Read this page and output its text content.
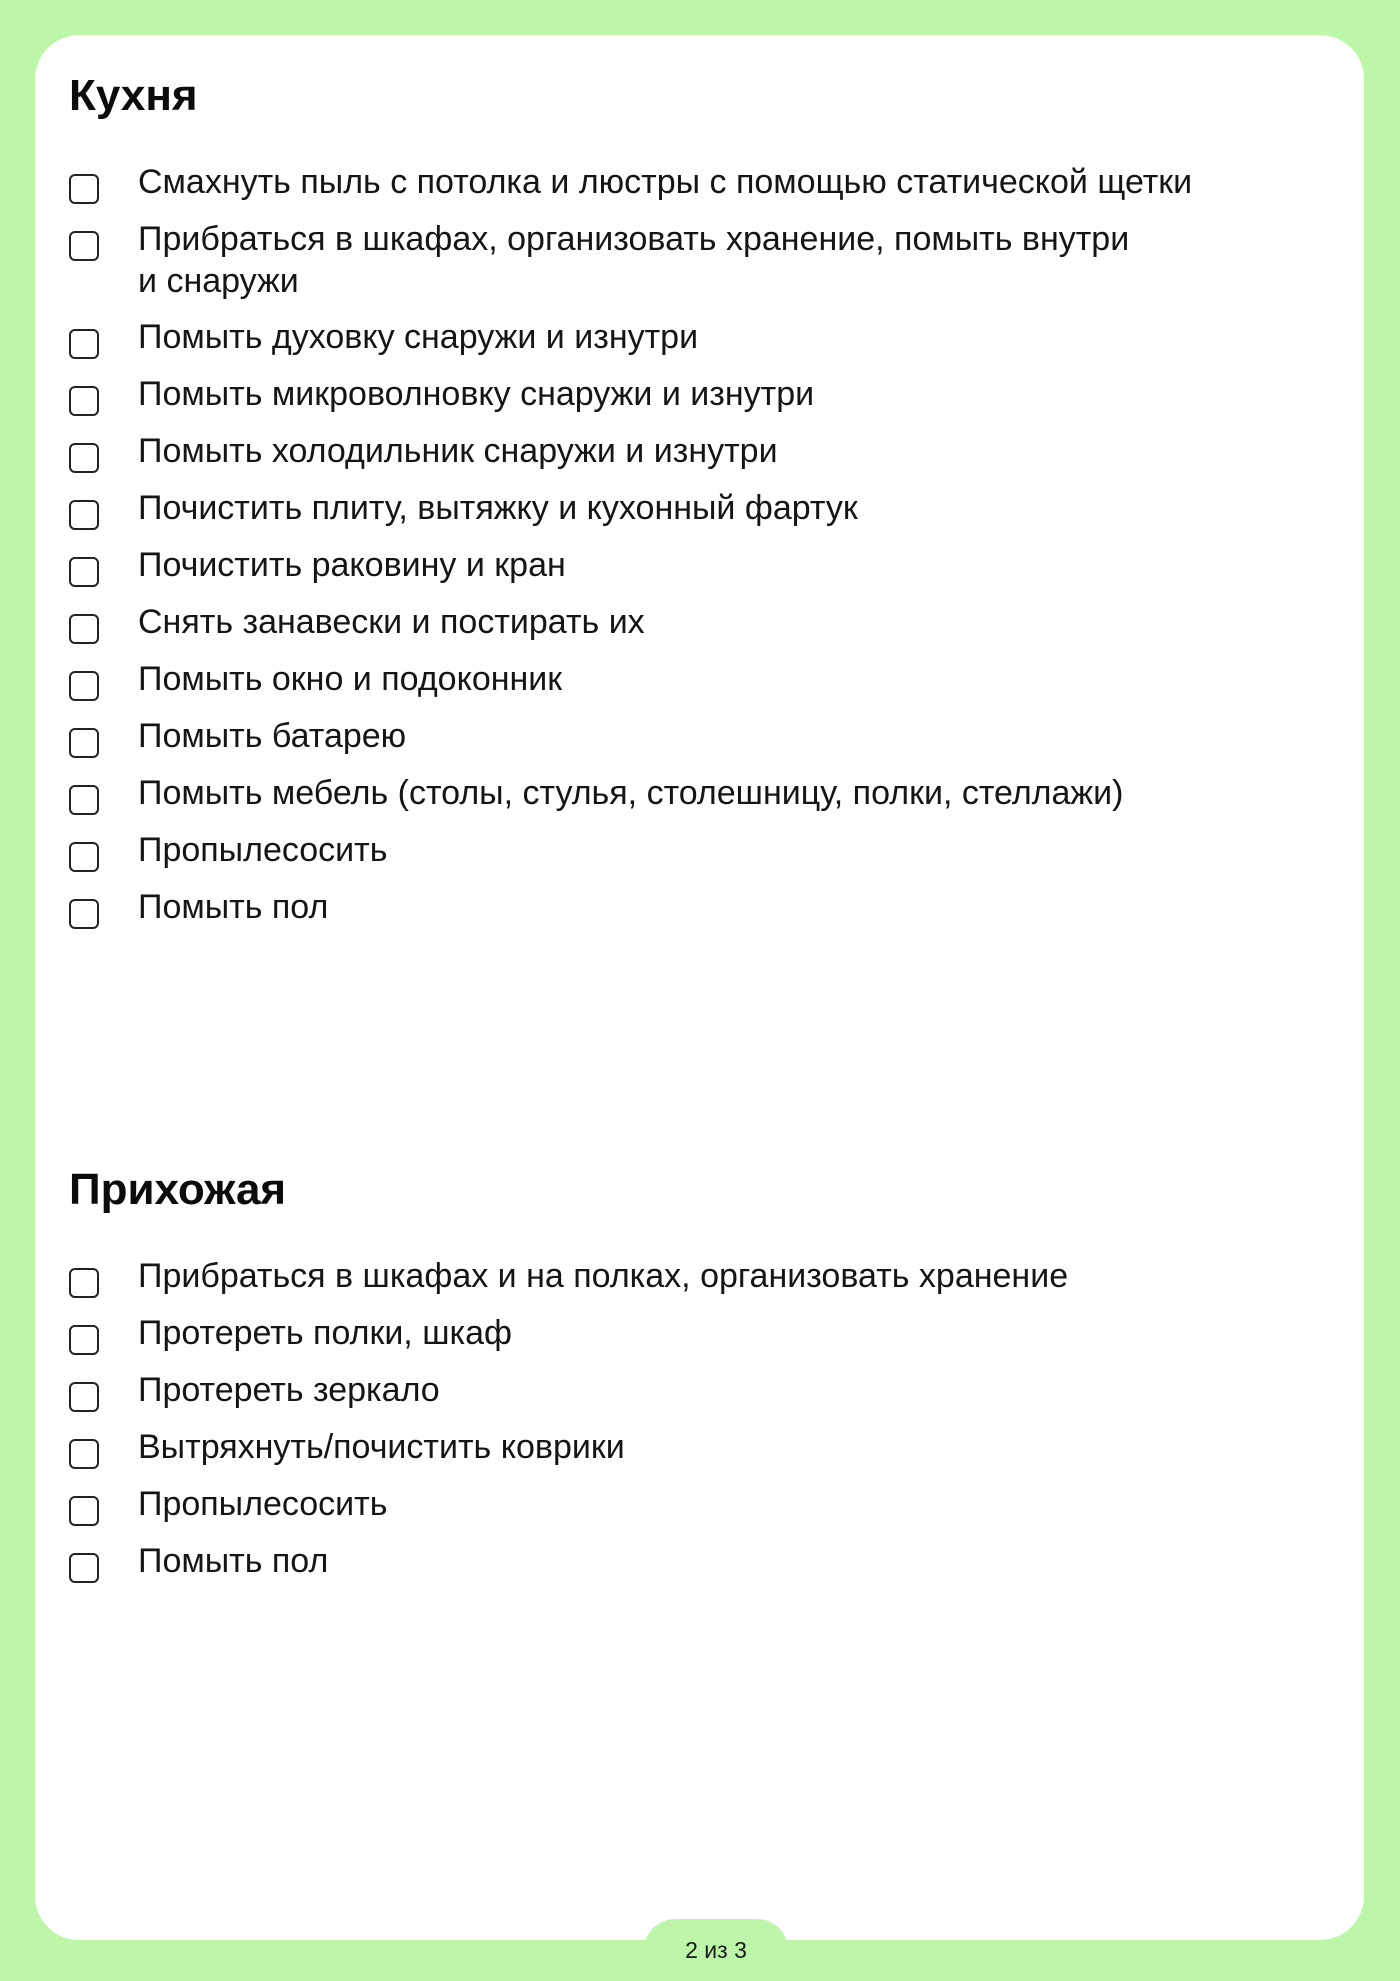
Кухня
Смахнуть пыль с потолка и люстры с помощью статической щетки
Прибраться в шкафах, организовать хранение, помыть внутри
и снаружи
Помыть духовку снаружи и изнутри
Помыть микроволновку снаружи и изнутри
Помыть холодильник снаружи и изнутри
Почистить плиту, вытяжку и кухонный фартук
Почистить раковину и кран
Снять занавески и постирать их
Помыть окно и подоконник
Помыть батарею
Помыть мебель (столы, стулья, столешницу, полки, стеллажи)
Пропылесосить
Помыть пол
Прихожая
Прибраться в шкафах и на полках, организовать хранение
Протереть полки, шкаф
Протереть зеркало
Вытряхнуть/почистить коврики
Пропылесосить
Помыть пол
2 из 3
